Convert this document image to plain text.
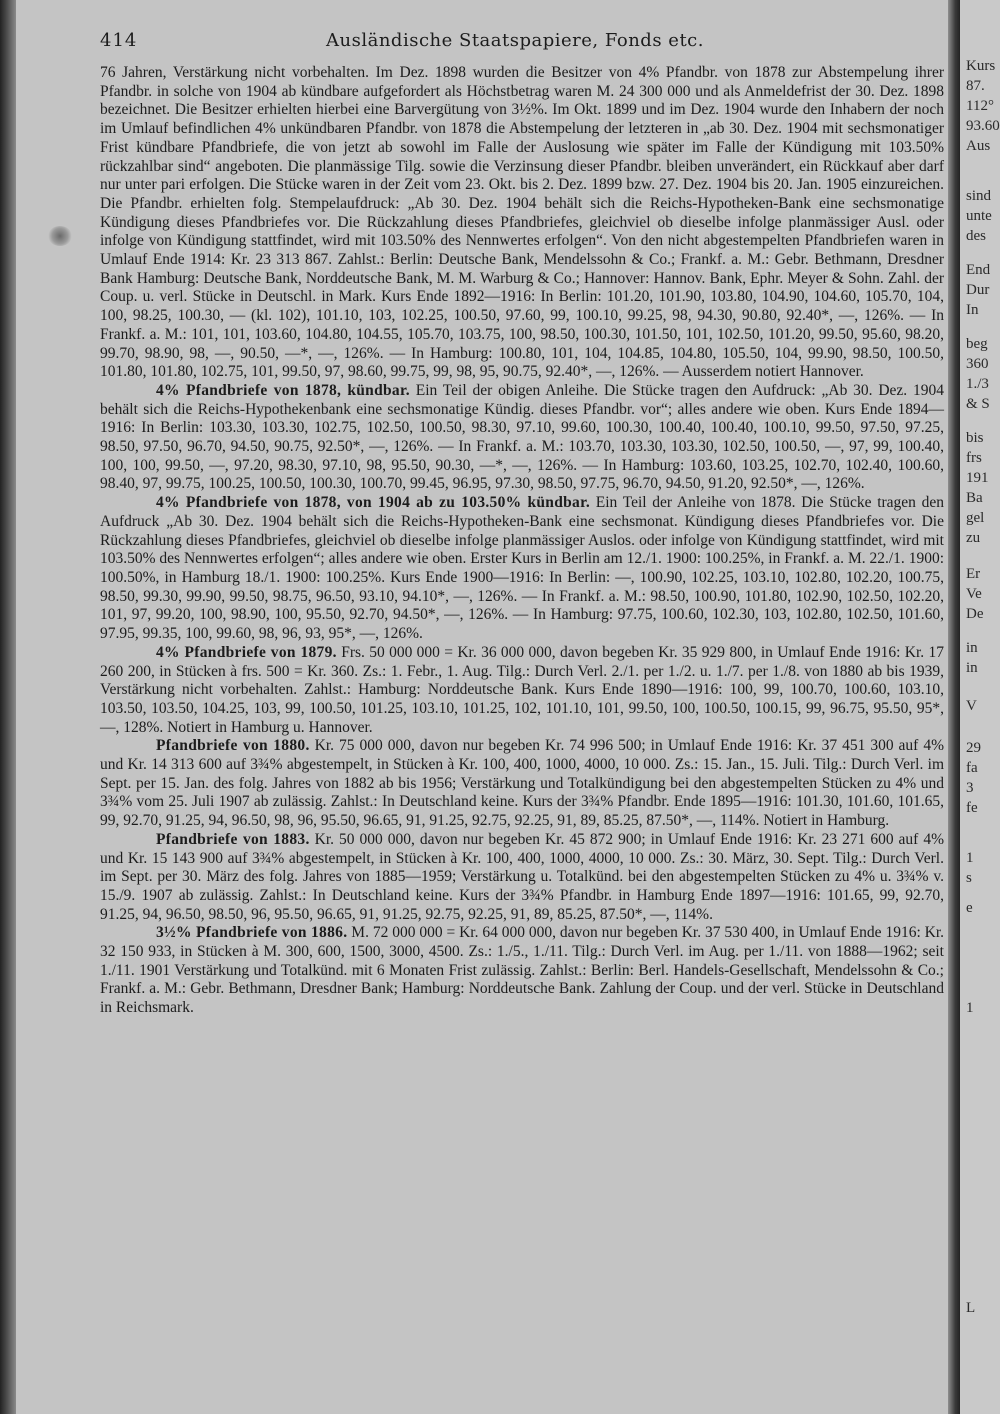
414	Ausländische Staatspapiere, Fonds etc.

76 Jahren, Verstärkung nicht vorbehalten. Im Dez. 1898 wurden die Besitzer von 4% Pfandbr. von 1878 zur Abstempelung ihrer Pfandbr. in solche von 1904 ab kündbare aufgefordert als Höchstbetrag waren M. 24 300 000 und als Anmeldefrist der 30. Dez. 1898 bezeichnet. Die Besitzer erhielten hierbei eine Barvergütung von 3½%. Im Okt. 1899 und im Dez. 1904 wurde den Inhabern der noch im Umlauf befindlichen 4% unkündbaren Pfandbr. von 1878 die Abstempelung der letzteren in „ab 30. Dez. 1904 mit sechsmonatiger Frist kündbare Pfandbriefe, die von jetzt ab sowohl im Falle der Auslosung wie später im Falle der Kündigung mit 103.50% rückzahlbar sind“ angeboten. Die planmässige Tilg. sowie die Verzinsung dieser Pfandbr. bleiben unverändert, ein Rückkauf aber darf nur unter pari erfolgen. Die Stücke waren in der Zeit vom 23. Okt. bis 2. Dez. 1899 bzw. 27. Dez. 1904 bis 20. Jan. 1905 einzureichen. Die Pfandbr. erhielten folg. Stempelaufdruck: „Ab 30. Dez. 1904 behält sich die Reichs-Hypotheken-Bank eine sechsmonatige Kündigung dieses Pfandbriefes vor. Die Rückzahlung dieses Pfandbriefes, gleichviel ob dieselbe infolge planmässiger Ausl. oder infolge von Kündigung stattfindet, wird mit 103.50% des Nennwertes erfolgen“. Von den nicht abgestempelten Pfandbriefen waren in Umlauf Ende 1914: Kr. 23 313 867. Zahlst.: Berlin: Deutsche Bank, Mendelssohn & Co.; Frankf. a. M.: Gebr. Bethmann, Dresdner Bank Hamburg: Deutsche Bank, Norddeutsche Bank, M. M. Warburg & Co.; Hannover: Hannov. Bank, Ephr. Meyer & Sohn. Zahl. der Coup. u. verl. Stücke in Deutschl. in Mark. Kurs Ende 1892—1916: In Berlin: 101.20, 101.90, 103.80, 104.90, 104.60, 105.70, 104, 100, 98.25, 100.30, — (kl. 102), 101.10, 103, 102.25, 100.50, 97.60, 99, 100.10, 99.25, 98, 94.30, 90.80, 92.40*, —, 126%. — In Frankf. a. M.: 101, 101, 103.60, 104.80, 104.55, 105.70, 103.75, 100, 98.50, 100.30, 101.50, 101, 102.50, 101.20, 99.50, 95.60, 98.20, 99.70, 98.90, 98, —, 90.50, —*, —, 126%. — In Hamburg: 100.80, 101, 104, 104.85, 104.80, 105.50, 104, 99.90, 98.50, 100.50, 101.80, 101.80, 102.75, 101, 99.50, 97, 98.60, 99.75, 99, 98, 95, 90.75, 92.40*, —, 126%. — Ausserdem notiert Hannover.

4% Pfandbriefe von 1878, kündbar. Ein Teil der obigen Anleihe. Die Stücke tragen den Aufdruck: „Ab 30. Dez. 1904 behält sich die Reichs-Hypothekenbank eine sechsmonatige Kündig. dieses Pfandbr. vor“; alles andere wie oben. Kurs Ende 1894—1916: In Berlin: 103.30, 103.30, 102.75, 102.50, 100.50, 98.30, 97.10, 99.60, 100.30, 100.40, 100.40, 100.10, 99.50, 97.50, 97.25, 98.50, 97.50, 96.70, 94.50, 90.75, 92.50*, —, 126%. — In Frankf. a. M.: 103.70, 103.30, 103.30, 102.50, 100.50, —, 97, 99, 100.40, 100, 100, 99.50, —, 97.20, 98.30, 97.10, 98, 95.50, 90.30, —*, —, 126%. — In Hamburg: 103.60, 103.25, 102.70, 102.40, 100.60, 98.40, 97, 99.75, 100.25, 100.50, 100.30, 100.70, 99.45, 96.95, 97.30, 98.50, 97.75, 96.70, 94.50, 91.20, 92.50*, —, 126%.

4% Pfandbriefe von 1878, von 1904 ab zu 103.50% kündbar. Ein Teil der Anleihe von 1878. Die Stücke tragen den Aufdruck „Ab 30. Dez. 1904 behält sich die Reichs-Hypotheken-Bank eine sechsmonat. Kündigung dieses Pfandbriefes vor. Die Rückzahlung dieses Pfandbriefes, gleichviel ob dieselbe infolge planmässiger Auslos. oder infolge von Kündigung stattfindet, wird mit 103.50% des Nennwertes erfolgen“; alles andere wie oben. Erster Kurs in Berlin am 12./1. 1900: 100.25%, in Frankf. a. M. 22./1. 1900: 100.50%, in Hamburg 18./1. 1900: 100.25%. Kurs Ende 1900—1916: In Berlin: —, 100.90, 102.25, 103.10, 102.80, 102.20, 100.75, 98.50, 99.30, 99.90, 99.50, 98.75, 96.50, 93.10, 94.10*, —, 126%. — In Frankf. a. M.: 98.50, 100.90, 101.80, 102.90, 102.50, 102.20, 101, 97, 99.20, 100, 98.90, 100, 95.50, 92.70, 94.50*, —, 126%. — In Hamburg: 97.75, 100.60, 102.30, 103, 102.80, 102.50, 101.60, 97.95, 99.35, 100, 99.60, 98, 96, 93, 95*, —, 126%.

4% Pfandbriefe von 1879. Frs. 50 000 000 = Kr. 36 000 000, davon begeben Kr. 35 929 800, in Umlauf Ende 1916: Kr. 17 260 200, in Stücken à frs. 500 = Kr. 360. Zs.: 1. Febr., 1. Aug. Tilg.: Durch Verl. 2./1. per 1./2. u. 1./7. per 1./8. von 1880 ab bis 1939, Verstärkung nicht vorbehalten. Zahlst.: Hamburg: Norddeutsche Bank. Kurs Ende 1890—1916: 100, 99, 100.70, 100.60, 103.10, 103.50, 103.50, 104.25, 103, 99, 100.50, 101.25, 103.10, 101.25, 102, 101.10, 101, 99.50, 100, 100.50, 100.15, 99, 96.75, 95.50, 95*, —, 128%. Notiert in Hamburg u. Hannover.

Pfandbriefe von 1880. Kr. 75 000 000, davon nur begeben Kr. 74 996 500; in Umlauf Ende 1916: Kr. 37 451 300 auf 4% und Kr. 14 313 600 auf 3¾% abgestempelt, in Stücken à Kr. 100, 400, 1000, 4000, 10 000. Zs.: 15. Jan., 15. Juli. Tilg.: Durch Verl. im Sept. per 15. Jan. des folg. Jahres von 1882 ab bis 1956; Verstärkung und Totalkündigung bei den abgestempelten Stücken zu 4% und 3¾% vom 25. Juli 1907 ab zulässig. Zahlst.: In Deutschland keine. Kurs der 3¾% Pfandbr. Ende 1895—1916: 101.30, 101.60, 101.65, 99, 92.70, 91.25, 94, 96.50, 98, 96, 95.50, 96.65, 91, 91.25, 92.75, 92.25, 91, 89, 85.25, 87.50*, —, 114%. Notiert in Hamburg.

Pfandbriefe von 1883. Kr. 50 000 000, davon nur begeben Kr. 45 872 900; in Umlauf Ende 1916: Kr. 23 271 600 auf 4% und Kr. 15 143 900 auf 3¾% abgestempelt, in Stücken à Kr. 100, 400, 1000, 4000, 10 000. Zs.: 30. März, 30. Sept. Tilg.: Durch Verl. im Sept. per 30. März des folg. Jahres von 1885—1959; Verstärkung u. Totalkünd. bei den abgestempelten Stücken zu 4% u. 3¾% v. 15./9. 1907 ab zulässig. Zahlst.: In Deutschland keine. Kurs der 3¾% Pfandbr. in Hamburg Ende 1897—1916: 101.65, 99, 92.70, 91.25, 94, 96.50, 98.50, 96, 95.50, 96.65, 91, 91.25, 92.75, 92.25, 91, 89, 85.25, 87.50*, —, 114%.

3½% Pfandbriefe von 1886. M. 72 000 000 = Kr. 64 000 000, davon nur begeben Kr. 37 530 400, in Umlauf Ende 1916: Kr. 32 150 933, in Stücken à M. 300, 600, 1500, 3000, 4500. Zs.: 1./5., 1./11. Tilg.: Durch Verl. im Aug. per 1./11. von 1888—1962; seit 1./11. 1901 Verstärkung und Totalkünd. mit 6 Monaten Frist zulässig. Zahlst.: Berlin: Berl. Handels-Gesellschaft, Mendelssohn & Co.; Frankf. a. M.: Gebr. Bethmann, Dresdner Bank; Hamburg: Norddeutsche Bank. Zahlung der Coup. und der verl. Stücke in Deutschland in Reichsmark.

Kurs
87.
112°
93.60
Aus
sind
unte
des
End
Dur
In
beg
360
1./3
& S
bis
frs
191
Ba
gel
zu
Er
Ve
De
in
in
V
29
fa
3
fe
1
s
e
1
L
